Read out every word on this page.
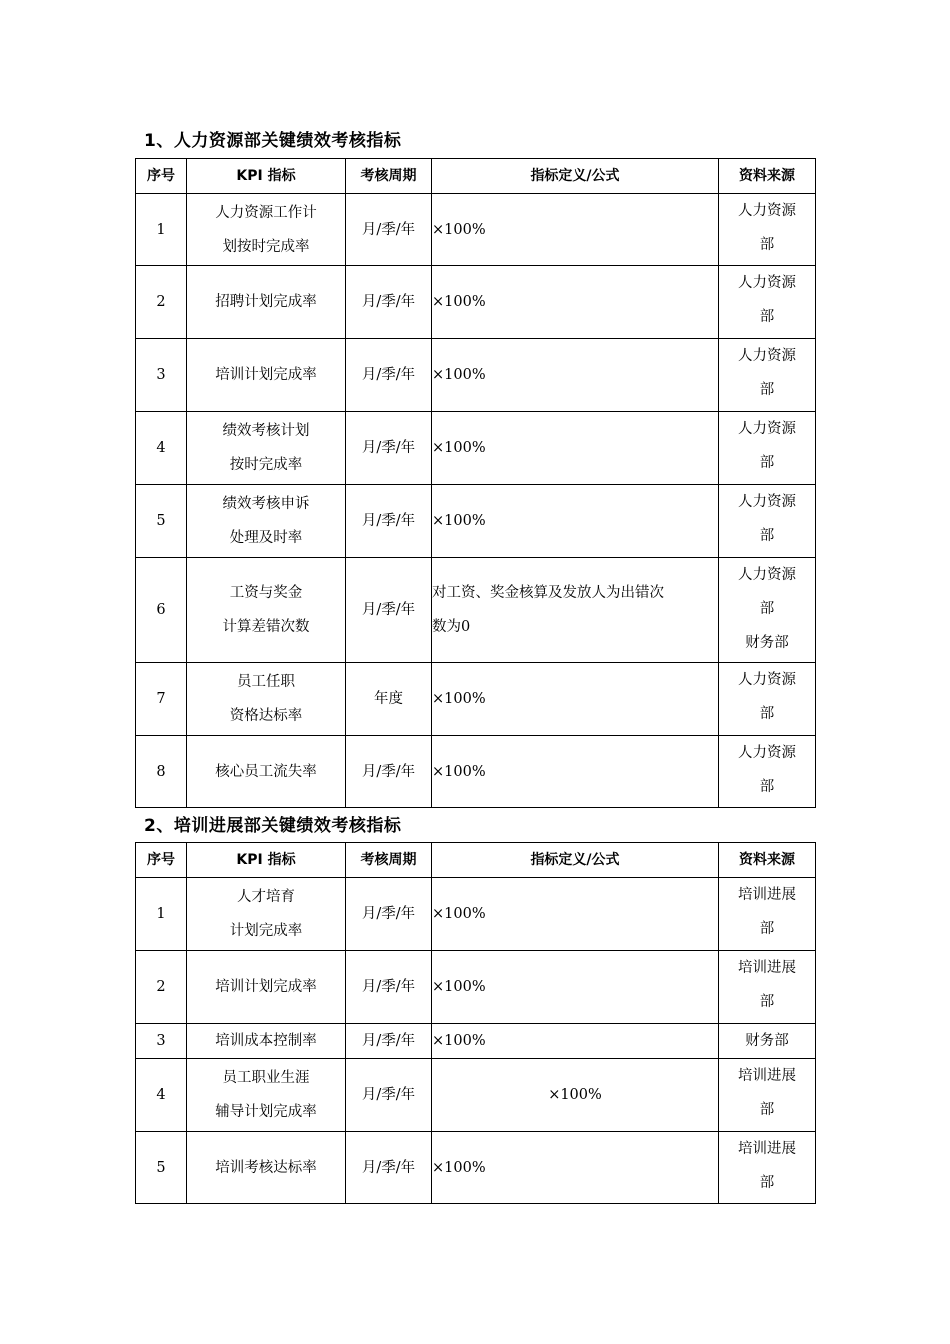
1、人力资源部关键绩效考核指标
序号	KPI 指标	考核周期	指标定义/公式	资料来源
1	人力资源工作计
划按时完成率	月/季/年	×100%	人力资源
部

2	招聘计划完成率	月/季/年	×100%	人力资源
部

3	培训计划完成率	月/季/年	×100%	人力资源
部

4	绩效考核计划
按时完成率	月/季/年	×100%	人力资源
部

5	绩效考核申诉
处理及时率	月/季/年	×100%	人力资源
部

6	工资与奖金
计算差错次数	月/季/年	对工资、奖金核算及发放人为出错次
数为0	人力资源
部
财务部

7	员工任职
资格达标率	年度	×100%	人力资源
部

8	核心员工流失率	月/季/年	×100%	人力资源
部
2、培训进展部关键绩效考核指标
序号	KPI 指标	考核周期	指标定义/公式	资料来源
1	人才培育
计划完成率	月/季/年	×100%	培训进展
部

2	培训计划完成率	月/季/年	×100%	培训进展
部

3	培训成本控制率	月/季/年	×100%	财务部

4	员工职业生涯
辅导计划完成率	月/季/年	×100%	培训进展
部

5	培训考核达标率	月/季/年	×100%	培训进展
部
